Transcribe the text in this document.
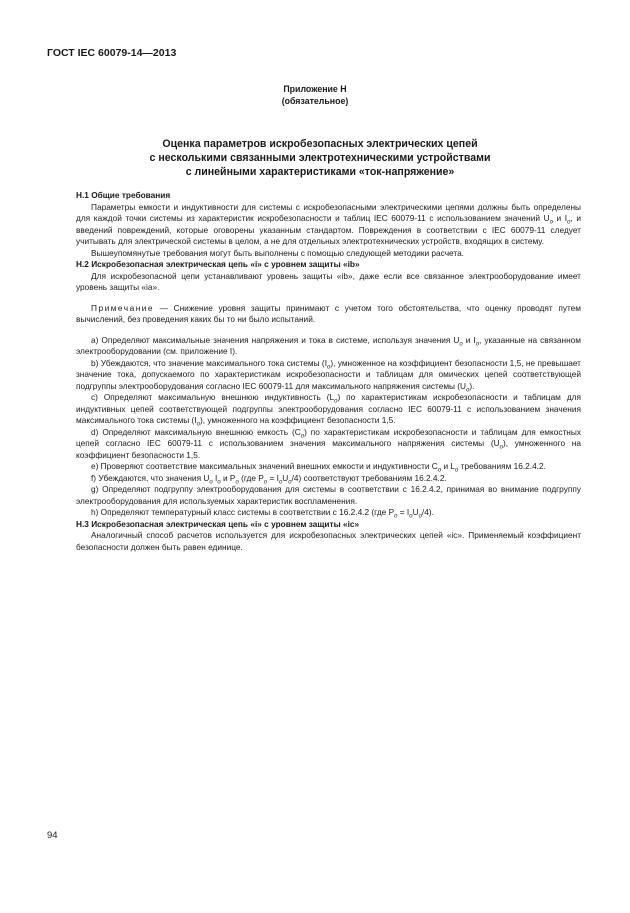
ГОСТ IEC 60079-14—2013
Приложение Н
(обязательное)
Оценка параметров искробезопасных электрических цепей
с несколькими связанными электротехническими устройствами
с линейными характеристиками «ток-напряжение»

Н.1 Общие требования

Параметры емкости и индуктивности для системы с искробезопасными электрическими цепями должны быть определены для каждой точки системы из характеристик искробезопасности и таблиц IEC 60079-11 с использованием значений $U_o$ и $I_o$, и введений повреждений, которые оговорены указанным стандартом. Повреждения в соответствии с IEC 60079-11 следует учитывать для электрической системы в целом, а не для отдельных электротехнических устройств, входящих в систему.

Вышеупомянутые требования могут быть выполнены с помощью следующей методики расчета.

Н.2 Искробезопасная электрическая цепь «i» с уровнем защиты «ib»

Для искробезопасной цепи устанавливают уровень защиты «ib», даже если все связанное электрооборудование имеет уровень защиты «ia».

Примечание — Снижение уровня защиты принимают с учетом того обстоятельства, что оценку проводят путем вычислений, без проведения каких бы то ни было испытаний.

a) Определяют максимальные значения напряжения и тока в системе, используя значения $U_o$ и $I_o$, указанные на связанном электрооборудовании (см. приложение I).

b) Убеждаются, что значение максимального тока системы $(I_o)$, умноженное на коэффициент безопасности 1,5, не превышает значение тока, допускаемого по характеристикам искробезопасности и таблицам для омических цепей соответствующей подгруппы электрооборудования согласно IEC 60079-11 для максимального напряжения системы $(U_o)$.

c) Определяют максимальную внешнюю индуктивность $(L_o)$ по характеристикам искробезопасности и таблицам для индуктивных цепей соответствующей подгруппы электрооборудования согласно IEC 60079-11 с использованием значения максимального тока системы $(I_o)$, умноженного на коэффициент безопасности 1,5.

d) Определяют максимальную внешнюю емкость $(C_o)$ по характеристикам искробезопасности и таблицам для емкостных цепей согласно IEC 60079-11 с использованием значения максимального напряжения системы $(U_o)$, умноженного на коэффициент безопасности 1,5.

e) Проверяют соответствие максимальных значений внешних емкости и индуктивности $C_o$ и $L_o$ требованиям 16.2.4.2.

f) Убеждаются, что значения $U_o$ $I_o$ и $P_o$ (где $P_o = I_oU_o/4$) соответствуют требованиям 16.2.4.2.

g) Определяют подгруппу электрооборудования для системы в соответствии с 16.2.4.2, принимая во внимание подгруппу электрооборудования для используемых характеристик воспламенения.

h) Определяют температурный класс системы в соответствии с 16.2.4.2 (где $P_o = I_oU_o/4$).

Н.3 Искробезопасная электрическая цепь «i» с уровнем защиты «ic»

Аналогичный способ расчетов используется для искробезопасных электрических цепей «ic». Применяемый коэффициент безопасности должен быть равен единице.

94
